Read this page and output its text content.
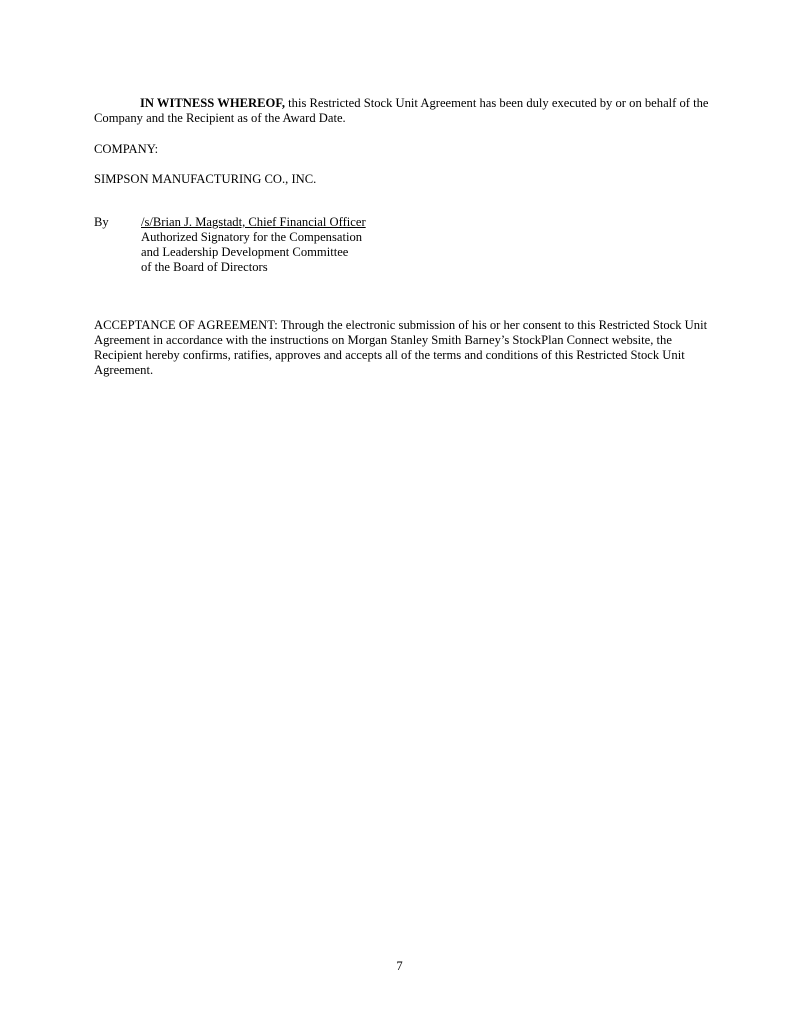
IN WITNESS WHEREOF, this Restricted Stock Unit Agreement has been duly executed by or on behalf of the Company and the Recipient as of the Award Date.

COMPANY:

SIMPSON MANUFACTURING CO., INC.

By	/s/Brian J. Magstadt, Chief Financial Officer
Authorized Signatory for the Compensation
and Leadership Development Committee
of the Board of Directors

ACCEPTANCE OF AGREEMENT: Through the electronic submission of his or her consent to this Restricted Stock Unit Agreement in accordance with the instructions on Morgan Stanley Smith Barney’s StockPlan Connect website, the Recipient hereby confirms, ratifies, approves and accepts all of the terms and conditions of this Restricted Stock Unit Agreement.

7
